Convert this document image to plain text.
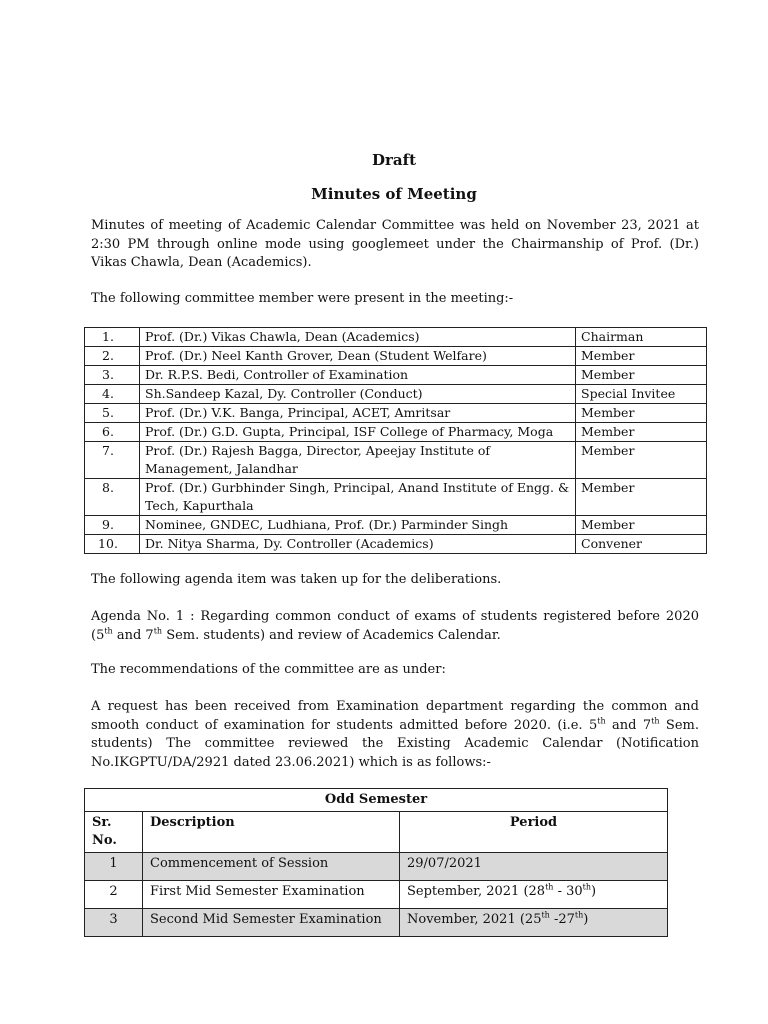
Draft
Minutes of Meeting
Minutes of meeting of Academic Calendar Committee was held on November 23, 2021 at 2:30 PM through online mode using googlemeet under the Chairmanship of Prof. (Dr.) Vikas Chawla, Dean (Academics).
The following committee member were present in the meeting:-
1.	Prof. (Dr.) Vikas Chawla, Dean (Academics)	Chairman
2.	Prof. (Dr.) Neel Kanth Grover, Dean (Student Welfare)	Member
3.	Dr. R.P.S. Bedi, Controller of Examination	Member
4.	Sh.Sandeep Kazal, Dy. Controller (Conduct)	Special Invitee
5.	Prof. (Dr.) V.K. Banga, Principal, ACET, Amritsar	Member
6.	Prof. (Dr.) G.D. Gupta, Principal, ISF College of Pharmacy, Moga	Member
7.	Prof. (Dr.) Rajesh Bagga, Director, Apeejay Institute of Management, Jalandhar	Member
8.	Prof. (Dr.) Gurbhinder Singh, Principal, Anand Institute of Engg. & Tech, Kapurthala	Member
9.	Nominee, GNDEC, Ludhiana, Prof. (Dr.) Parminder Singh	Member
10.	Dr. Nitya Sharma, Dy. Controller (Academics)	Convener
The following agenda item was taken up for the deliberations.
Agenda No. 1 : Regarding common conduct of exams of students registered before 2020 (5th and 7th Sem. students) and review of Academics Calendar.
The recommendations of the committee are as under:
A request has been received from Examination department regarding the common and smooth conduct of examination for students admitted before 2020. (i.e. 5th and 7th Sem. students) The committee reviewed the Existing Academic Calendar (Notification No.IKGPTU/DA/2921 dated 23.06.2021) which is as follows:-
Odd Semester		
Sr. No.	Description	Period
1	Commencement of Session	29/07/2021
2	First Mid Semester Examination	September, 2021 (28th - 30th)
3	Second Mid Semester Examination	November, 2021 (25th -27th)
